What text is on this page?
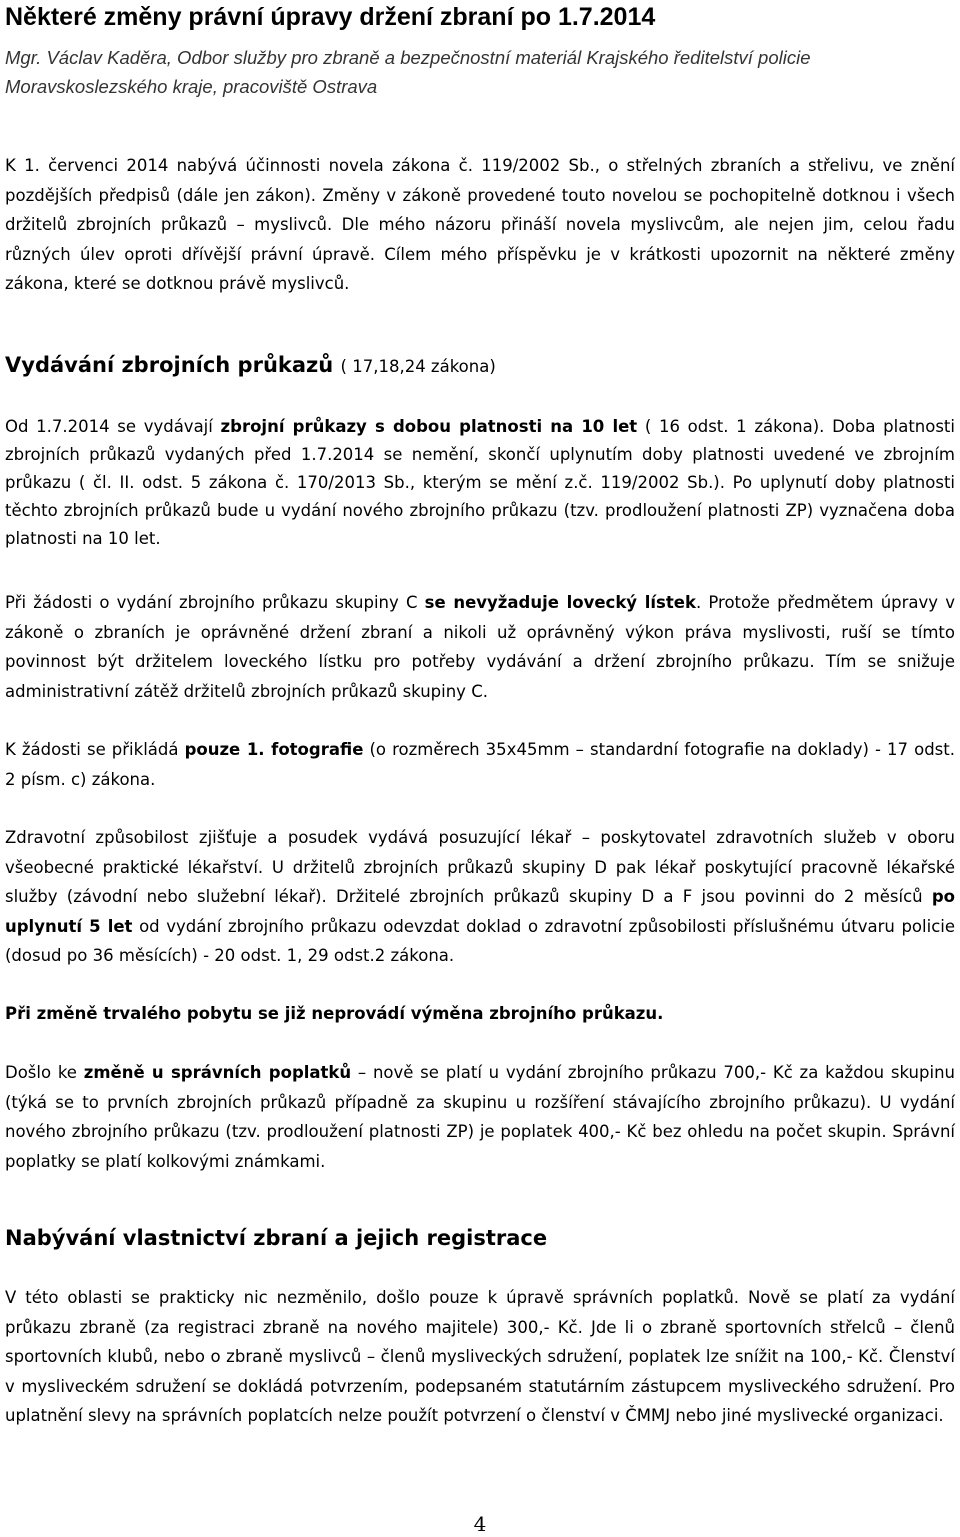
Některé změny právní úpravy držení zbraní po 1.7.2014

Mgr. Václav Kaděra, Odbor služby pro zbraně a bezpečnostní materiál Krajského ředitelství policie Moravskoslezského kraje, pracoviště Ostrava

K 1. červenci 2014 nabývá účinnosti novela zákona č. 119/2002 Sb., o střelných zbraních a střelivu, ve znění pozdějších předpisů (dále jen zákon). Změny v zákoně provedené touto novelou se pochopitelně dotknou i všech držitelů zbrojních průkazů – myslivců. Dle mého názoru přináší novela myslivcům, ale nejen jim, celou řadu různých úlev oproti dřívější právní úpravě. Cílem mého příspěvku je v krátkosti upozornit na některé změny zákona, které se dotknou právě myslivců.

Vydávání zbrojních průkazů ( 17,18,24 zákona)

Od 1.7.2014 se vydávají zbrojní průkazy s dobou platnosti na 10 let ( 16 odst. 1 zákona). Doba platnosti zbrojních průkazů vydaných před 1.7.2014 se nemění, skončí uplynutím doby platnosti uvedené ve zbrojním průkazu ( čl. II. odst. 5 zákona č. 170/2013 Sb., kterým se mění z.č. 119/2002 Sb.). Po uplynutí doby platnosti těchto zbrojních průkazů bude u vydání nového zbrojního průkazu (tzv. prodloužení platnosti ZP) vyznačena doba platnosti na 10 let.

Při žádosti o vydání zbrojního průkazu skupiny C se nevyžaduje lovecký lístek. Protože předmětem úpravy v zákoně o zbraních je oprávněné držení zbraní a nikoli už oprávněný výkon práva myslivosti, ruší se tímto povinnost být držitelem loveckého lístku pro potřeby vydávání a držení zbrojního průkazu. Tím se snižuje administrativní zátěž držitelů zbrojních průkazů skupiny C.

K žádosti se přikládá pouze 1. fotografie (o rozměrech 35x45mm – standardní fotografie na doklady) - 17 odst. 2 písm. c) zákona.

Zdravotní způsobilost zjišťuje a posudek vydává posuzující lékař – poskytovatel zdravotních služeb v oboru všeobecné praktické lékařství. U držitelů zbrojních průkazů skupiny D pak lékař poskytující pracovně lékařské služby (závodní nebo služební lékař). Držitelé zbrojních průkazů skupiny D a F jsou povinni do 2 měsíců po uplynutí 5 let od vydání zbrojního průkazu odevzdat doklad o zdravotní způsobilosti příslušnému útvaru policie (dosud po 36 měsících) - 20 odst. 1, 29 odst.2 zákona.

Při změně trvalého pobytu se již neprovádí výměna zbrojního průkazu.

Došlo ke změně u správních poplatků – nově se platí u vydání zbrojního průkazu 700,- Kč za každou skupinu (týká se to prvních zbrojních průkazů případně za skupinu u rozšíření stávajícího zbrojního průkazu). U vydání nového zbrojního průkazu (tzv. prodloužení platnosti ZP) je poplatek 400,- Kč bez ohledu na počet skupin. Správní poplatky se platí kolkovými známkami.

Nabývání vlastnictví zbraní a jejich registrace

V této oblasti se prakticky nic nezměnilo, došlo pouze k úpravě správních poplatků. Nově se platí za vydání průkazu zbraně (za registraci zbraně na nového majitele) 300,- Kč. Jde li o zbraně sportovních střelců – členů sportovních klubů, nebo o zbraně myslivců – členů mysliveckých sdružení, poplatek lze snížit na 100,- Kč. Členství v mysliveckém sdružení se dokládá potvrzením, podepsaném statutárním zástupcem mysliveckého sdružení. Pro uplatnění slevy na správních poplatcích nelze použít potvrzení o členství v ČMMJ nebo jiné myslivecké organizaci.

4
